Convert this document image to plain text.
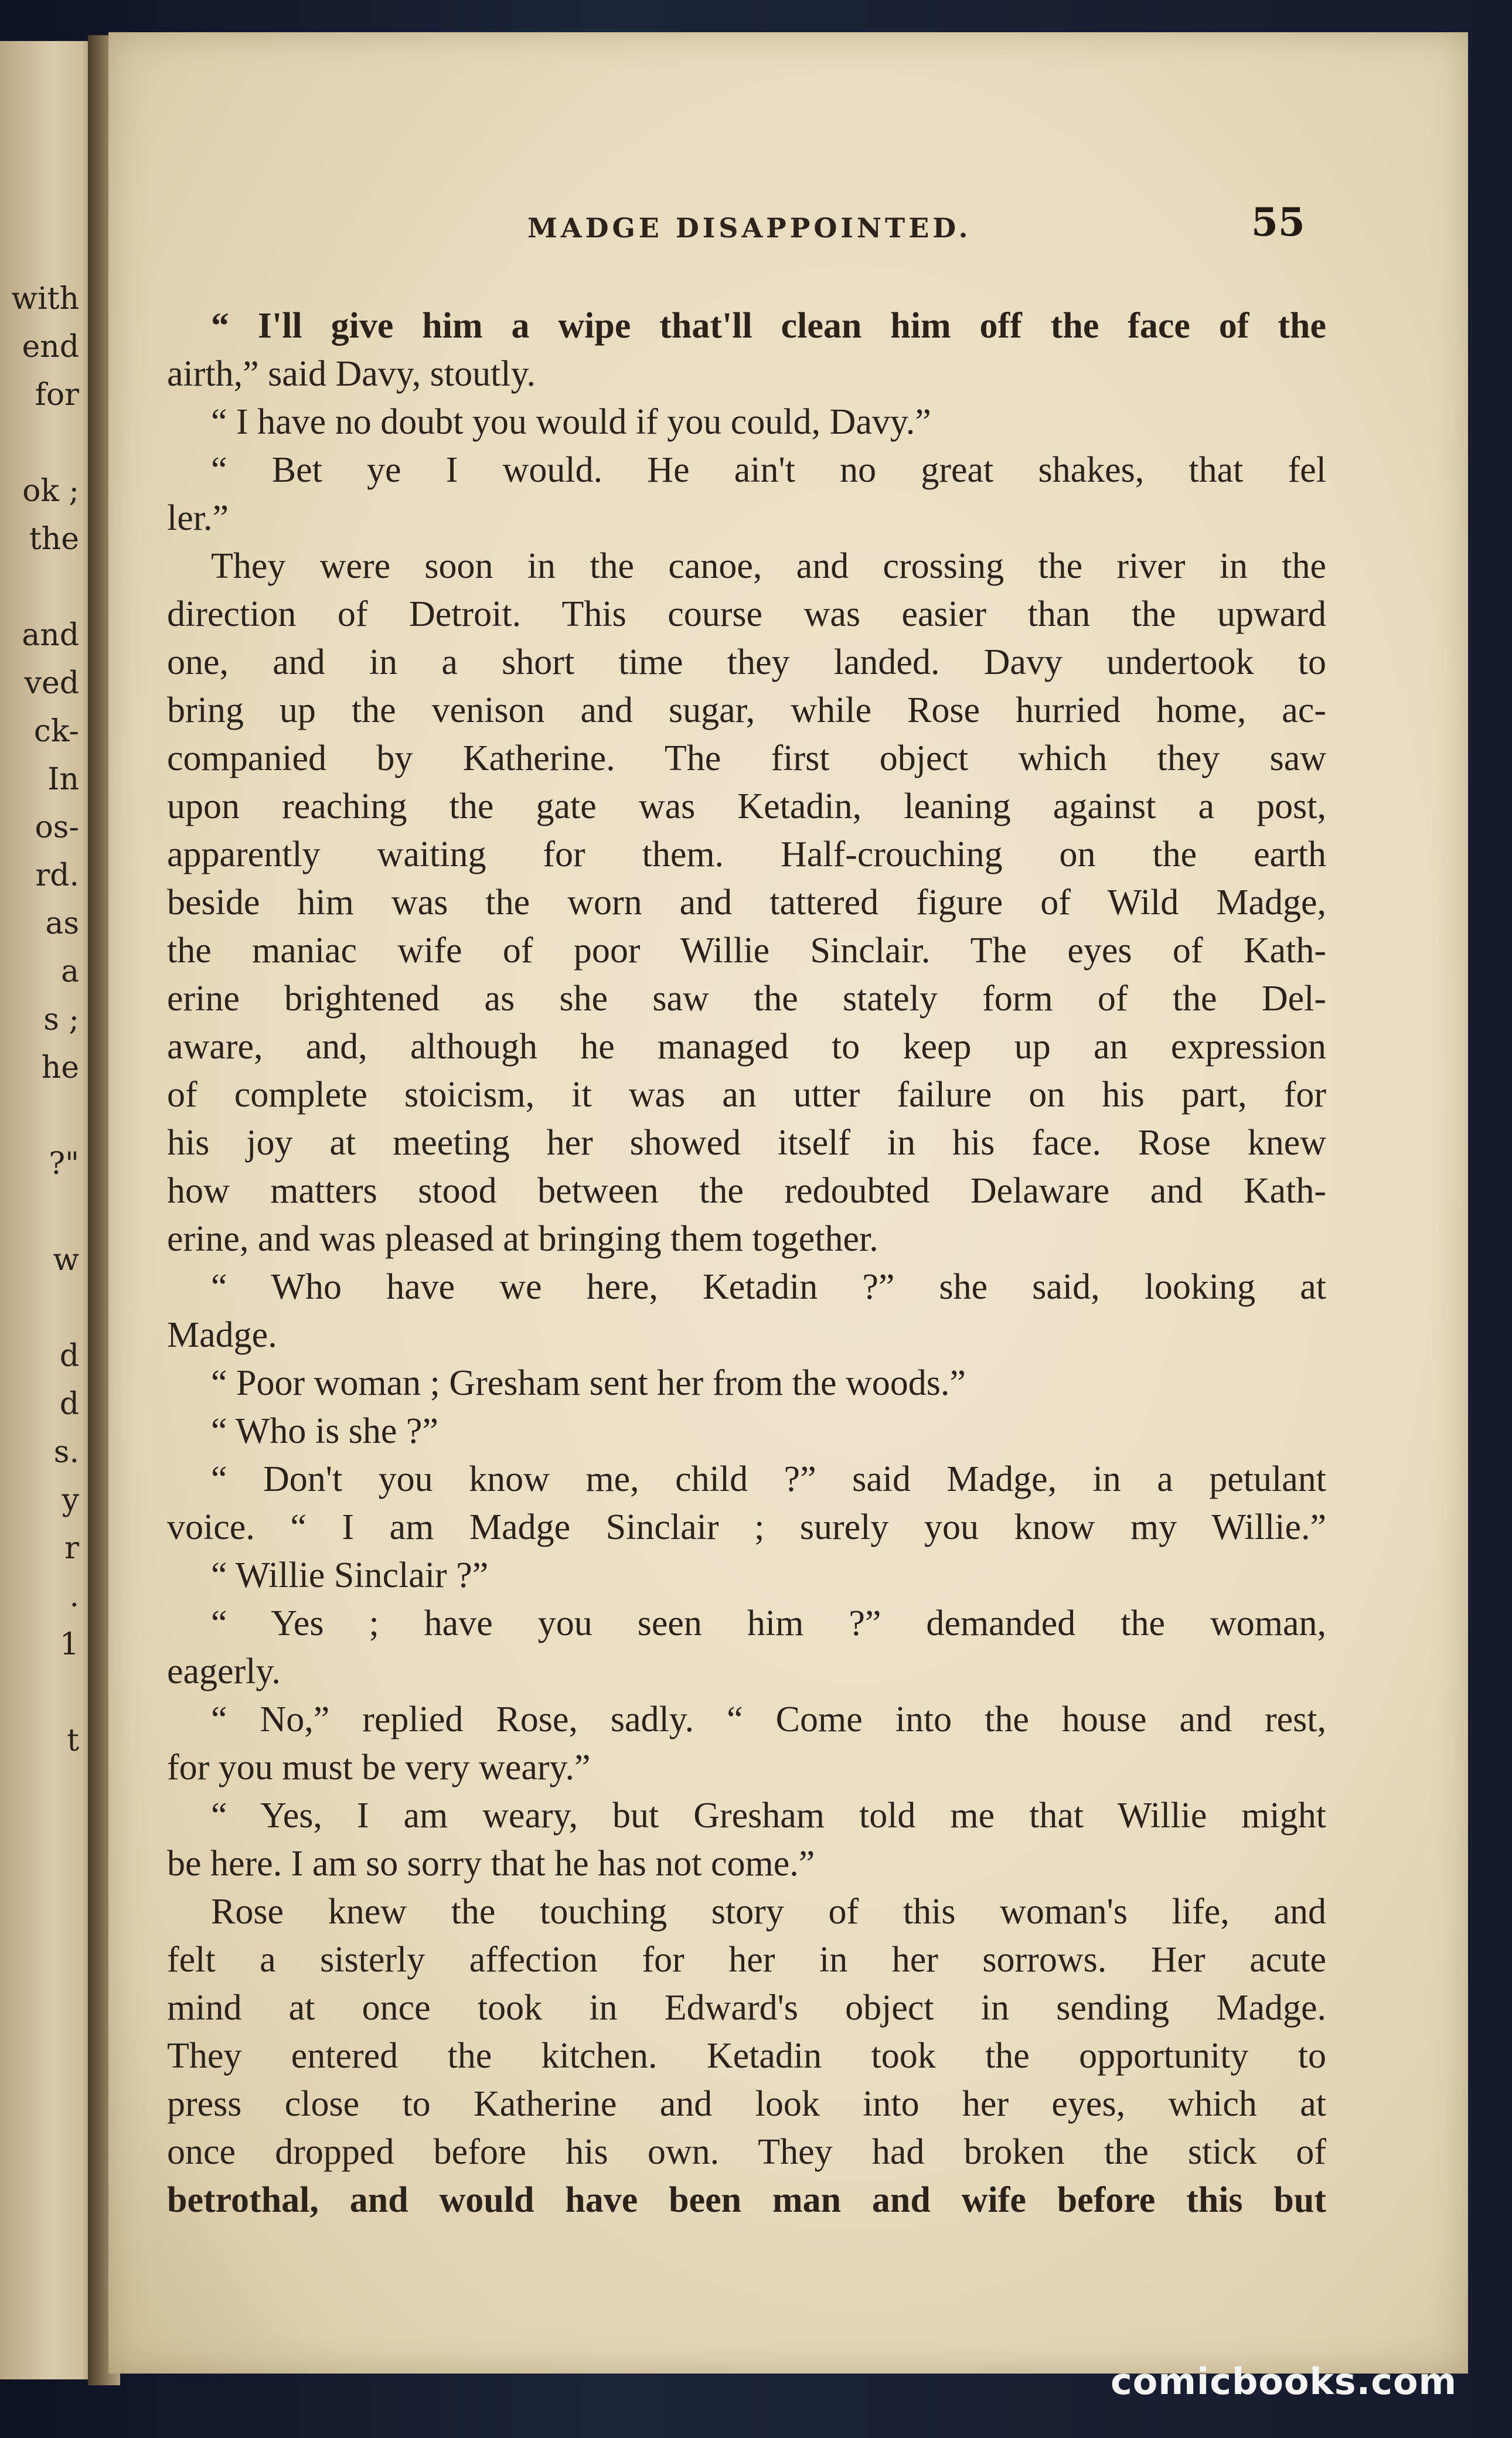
with
end
for
ok ;
the
and
ved
ck-
In
os-
rd.
as
a
s ;
he
?"
w
d
d
s.
y
r
.
1
t
MADGE DISAPPOINTED.	55
“ I'll give him a wipe that'll clean him off the face of the
airth,” said Davy, stoutly.
“ I have no doubt you would if you could, Davy.”
“ Bet ye I would. He ain't no great shakes, that fel
ler.”
They were soon in the canoe, and crossing the river in the
direction of Detroit. This course was easier than the upward
one, and in a short time they landed. Davy undertook to
bring up the venison and sugar, while Rose hurried home, ac-
companied by Katherine. The first object which they saw
upon reaching the gate was Ketadin, leaning against a post,
apparently waiting for them. Half-crouching on the earth
beside him was the worn and tattered figure of Wild Madge,
the maniac wife of poor Willie Sinclair. The eyes of Kath-
erine brightened as she saw the stately form of the Del-
aware, and, although he managed to keep up an expression
of complete stoicism, it was an utter failure on his part, for
his joy at meeting her showed itself in his face. Rose knew
how matters stood between the redoubted Delaware and Kath-
erine, and was pleased at bringing them together.
“ Who have we here, Ketadin ?” she said, looking at
Madge.
“ Poor woman ; Gresham sent her from the woods.”
“ Who is she ?”
“ Don't you know me, child ?” said Madge, in a petulant
voice. “ I am Madge Sinclair ; surely you know my Willie.”
“ Willie Sinclair ?”
“ Yes ; have you seen him ?” demanded the woman,
eagerly.
“ No,” replied Rose, sadly. “ Come into the house and rest,
for you must be very weary.”
“ Yes, I am weary, but Gresham told me that Willie might
be here. I am so sorry that he has not come.”
Rose knew the touching story of this woman's life, and
felt a sisterly affection for her in her sorrows. Her acute
mind at once took in Edward's object in sending Madge.
They entered the kitchen. Ketadin took the opportunity to
press close to Katherine and look into her eyes, which at
once dropped before his own. They had broken the stick of
betrothal, and would have been man and wife before this but
comicbooks.com
